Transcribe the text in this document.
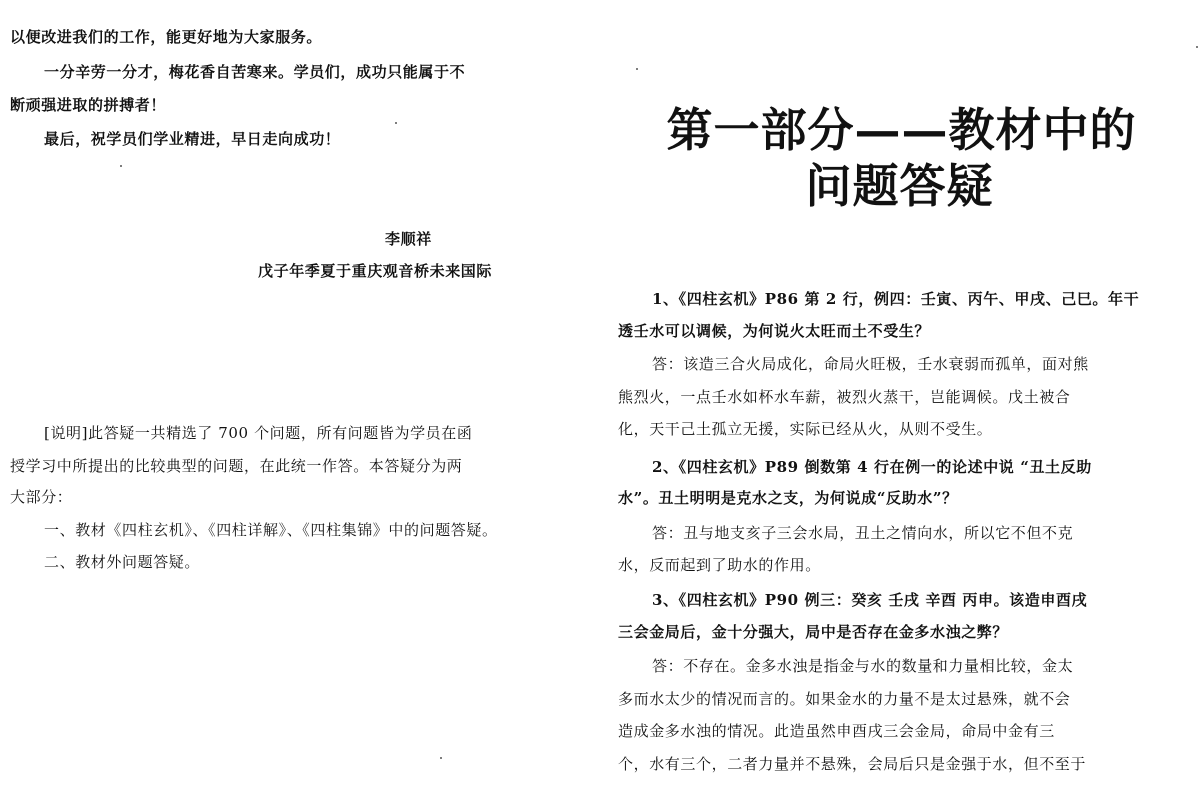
以便改进我们的工作，能更好地为大家服务。

一分辛劳一分才，梅花香自苦寒来。学员们，成功只能属于不

断顽强进取的拼搏者！

最后，祝学员们学业精进，早日走向成功！

李顺祥
戊子年季夏于重庆观音桥未来国际

[说明]此答疑一共精选了 700 个问题，所有问题皆为学员在函

授学习中所提出的比较典型的问题，在此统一作答。本答疑分为两

大部分：

一、教材《四柱玄机》、《四柱详解》、《四柱集锦》中的问题答疑。

二、教材外问题答疑。

第一部分——教材中的
问题答疑

1、《四柱玄机》P86 第 2 行，例四：壬寅、丙午、甲戌、己巳。年干

透壬水可以调候，为何说火太旺而土不受生？

答：该造三合火局成化，命局火旺极，壬水衰弱而孤单，面对熊

熊烈火，一点壬水如杯水车薪，被烈火蒸干，岂能调候。戊土被合

化，天干己土孤立无援，实际已经从火，从则不受生。

2、《四柱玄机》P89 倒数第 4 行在例一的论述中说 “丑土反助

水”。丑土明明是克水之支，为何说成“反助水”？

答：丑与地支亥子三会水局，丑土之情向水，所以它不但不克

水，反而起到了助水的作用。

3、《四柱玄机》P90 例三：癸亥 壬戌 辛酉 丙申。该造申酉戌

三会金局后，金十分强大，局中是否存在金多水浊之弊？

答：不存在。金多水浊是指金与水的数量和力量相比较，金太

多而水太少的情况而言的。如果金水的力量不是太过悬殊，就不会

造成金多水浊的情况。此造虽然申酉戌三会金局，命局中金有三

个，水有三个，二者力量并不悬殊，会局后只是金强于水，但不至于
